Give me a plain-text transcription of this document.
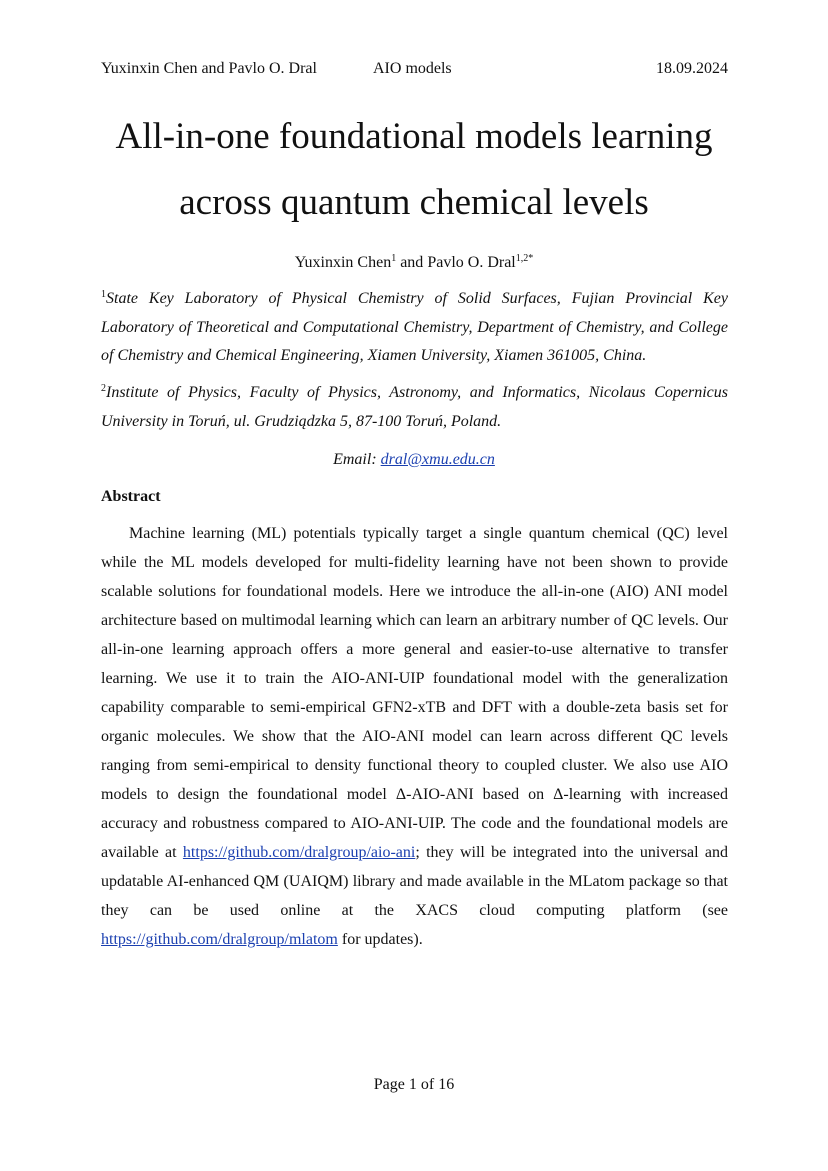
Yuxinxin Chen and Pavlo O. Dral	AIO models	18.09.2024
All-in-one foundational models learning
across quantum chemical levels
Yuxinxin Chen$^1$ and Pavlo O. Dral$^{1,2*}$

$^1$State Key Laboratory of Physical Chemistry of Solid Surfaces, Fujian Provincial Key Laboratory of Theoretical and Computational Chemistry, Department of Chemistry, and College of Chemistry and Chemical Engineering, Xiamen University, Xiamen 361005, China.

$^2$Institute of Physics, Faculty of Physics, Astronomy, and Informatics, Nicolaus Copernicus University in Toruń, ul. Grudziądzka 5, 87-100 Toruń, Poland.

Email: dral@xmu.edu.cn
Abstract

Machine learning (ML) potentials typically target a single quantum chemical (QC) level while the ML models developed for multi-fidelity learning have not been shown to provide scalable solutions for foundational models. Here we introduce the all-in-one (AIO) ANI model architecture based on multimodal learning which can learn an arbitrary number of QC levels. Our all-in-one learning approach offers a more general and easier-to-use alternative to transfer learning. We use it to train the AIO-ANI-UIP foundational model with the generalization capability comparable to semi-empirical GFN2-xTB and DFT with a double-zeta basis set for organic molecules. We show that the AIO-ANI model can learn across different QC levels ranging from semi-empirical to density functional theory to coupled cluster. We also use AIO models to design the foundational model Δ-AIO-ANI based on Δ-learning with increased accuracy and robustness compared to AIO-ANI-UIP. The code and the foundational models are available at https://github.com/dralgroup/aio-ani; they will be integrated into the universal and updatable AI-enhanced QM (UAIQM) library and made available in the MLatom package so that they can be used online at the XACS cloud computing platform (see https://github.com/dralgroup/mlatom for updates).

Page 1 of 16
